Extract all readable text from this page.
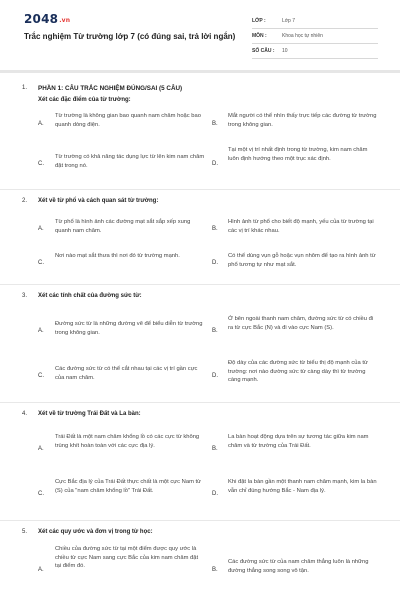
2048.vn
Trắc nghiệm Từ trường lớp 7 (có đúng sai, trả lời ngắn)
LỚP :	Lớp 7
MÔN :	Khoa học tự nhiên
SỐ CÂU :	10
1. PHẦN 1: CÂU TRẮC NGHIỆM ĐÚNG/SAI (5 CÂU)
Xét các đặc điểm của từ trường:
A.
Từ trường là không gian bao quanh nam châm hoặc bao quanh dòng điện.	B.
Mắt người có thể nhìn thấy trực tiếp các đường từ trường trong không gian.
C.
Từ trường có khả năng tác dụng lực từ lên kim nam châm đặt trong nó.	D.
Tại một vị trí nhất định trong từ trường, kim nam châm luôn định hướng theo một trục xác định.
2. Xét về từ phổ và cách quan sát từ trường:
A.
Từ phổ là hình ảnh các đường mạt sắt sắp xếp xung quanh nam châm.	B.
Hình ảnh từ phổ cho biết độ mạnh, yếu của từ trường tại các vị trí khác nhau.
C.
Nơi nào mạt sắt thưa thì nơi đó từ trường mạnh.
D.
Có thể dùng vụn gỗ hoặc vụn nhôm để tạo ra hình ảnh từ phổ tương tự như mạt sắt.
3. Xét các tính chất của đường sức từ:
A.
Đường sức từ là những đường vẽ để biểu diễn từ trường trong không gian.	B.
Ở bên ngoài thanh nam châm, đường sức từ có chiều đi ra từ cực Bắc (N) và đi vào cực Nam (S).
C.
Các đường sức từ có thể cắt nhau tại các vị trí gần cực của nam châm.	D.
Độ dày của các đường sức từ biểu thị độ mạnh của từ trường: nơi nào đường sức từ càng dày thì từ trường càng mạnh.
4. Xét về từ trường Trái Đất và La bàn:
A.
Trái Đất là một nam châm khổng lồ có các cực từ không trùng khít hoàn toàn với các cực địa lý.
B.
La bàn hoạt động dựa trên sự tương tác giữa kim nam châm và từ trường của Trái Đất.
C.
Cực Bắc địa lý của Trái Đất thực chất là một cực Nam từ (S) của "nam châm khổng lồ" Trái Đất.
D.
Khi đặt la bàn gần một thanh nam châm mạnh, kim la bàn vẫn chỉ đúng hướng Bắc - Nam địa lý.
5. Xét các quy ước và đơn vị trong từ học:
A.
Chiều của đường sức từ tại một điểm được quy ước là chiều từ cực Nam sang cực Bắc của kim nam châm đặt tại điểm đó.
B.
Các đường sức từ của nam châm thẳng luôn là những đường thẳng song song vô tận.
